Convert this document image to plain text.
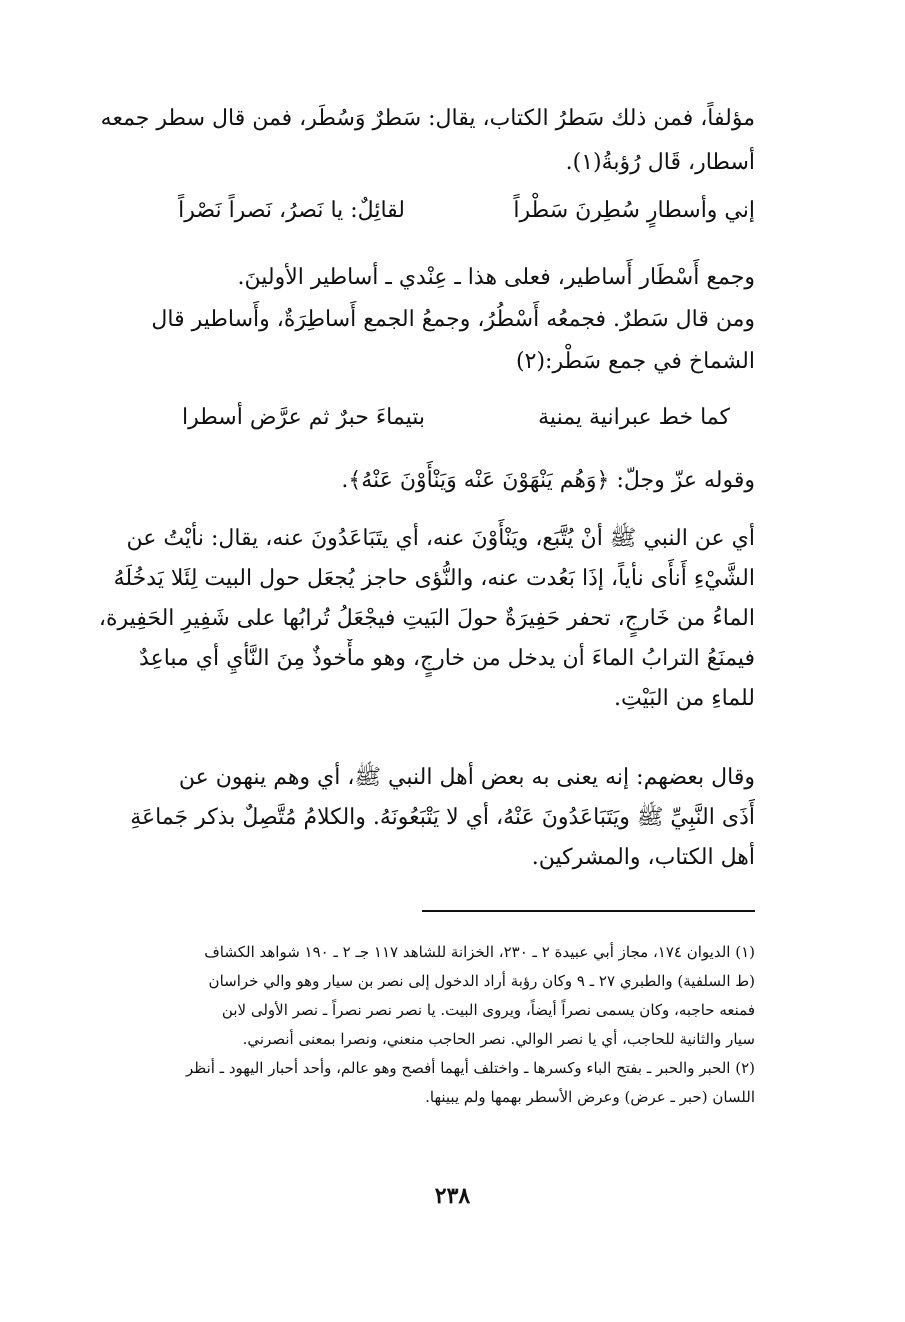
مؤلفاً، فمن ذلك سَطرُ الكتاب، يقال: سَطرٌ وَسُطَر، فمن قال سطر جمعه
أسطار، قَال رُؤبةُ(١).
إني وأسطارٍ سُطِرنَ سَطْراً
لقائِلٌ: يا نَصرُ، نَصراً نَصْراً
وجمع أَسْطَار أَساطير، فعلى هذا ـ عِنْدي ـ أساطير الأولينَ.
ومن قال سَطرٌ. فجمعُه أَسْطُرُ، وجمعُ الجمع أَساطِرَةٌ، وأَساطير قال
الشماخ في جمع سَطْر:(٢)
كما خط عبرانية يمنية
بتيماءَ حبرٌ ثم عرَّض أسطرا
وقوله عزّ وجلّ: ﴿وَهُم يَنْهَوْنَ عَنْه وَيَنْأَوْنَ عَنْهُ﴾.
أي عن النبي ﷺ أنْ يُتَّبَع، ويَنْأَوْنَ عنه، أي يتَبَاعَدُونَ عنه، يقال: نأيْتُ عن
الشَّيْءِ أَنأَى نأياً، إذَا بَعُدت عنه، والنُّؤى حاجز يُجعَل حول البيت لِئَلا يَدخُلَهُ
الماءُ من خَارجٍ، تحفر حَفِيرَةٌ حولَ البَيتِ فيجْعَلُ تُرابُها على شَفِيرِ الحَفِيرة،
فيمنَعُ الترابُ الماءَ أن يدخل من خارجٍ، وهو مأْخوذٌ مِنَ النَّأيِ أي مباعِدٌ
للماءِ من البَيْتِ.
وقال بعضهم: إنه يعنى به بعض أهل النبي ﷺ، أي وهم ينهون عن
أَذَى النَّبِيِّ ﷺ ويَتَبَاعَدُونَ عَنْهُ، أي لا يَتْبَعُونَهُ. والكلامُ مُتَّصِلٌ بذكر جَماعَةِ
أهل الكتاب، والمشركين.
(١) الديوان ١٧٤، مجاز أبي عبيدة ٢ ـ ٢٣٠، الخزانة للشاهد ١١٧ جـ ٢ ـ ١٩٠ شواهد الكشاف
(ط السلفية) والطبري ٢٧ ـ ٩ وكان رؤبة أراد الدخول إلى نصر بن سيار وهو والي خراسان
فمنعه حاجبه، وكان يسمى نصراً أيضاً، ويروى البيت. يا نصر نصر نصراً ـ نصر الأولى لابن
سيار والثانية للحاجب، أي يا نصر الوالي. نصر الحاجب منعني، ونصرا بمعنى أنصرني.
(٢) الحبر والحبر ـ بفتح الباء وكسرها ـ واختلف أيهما أفصح وهو عالم، وأحد أحبار اليهود ـ أنظر
اللسان (حبر ـ عرض) وعرض الأسطر بهمها ولم يبينها.
٢٣٨
